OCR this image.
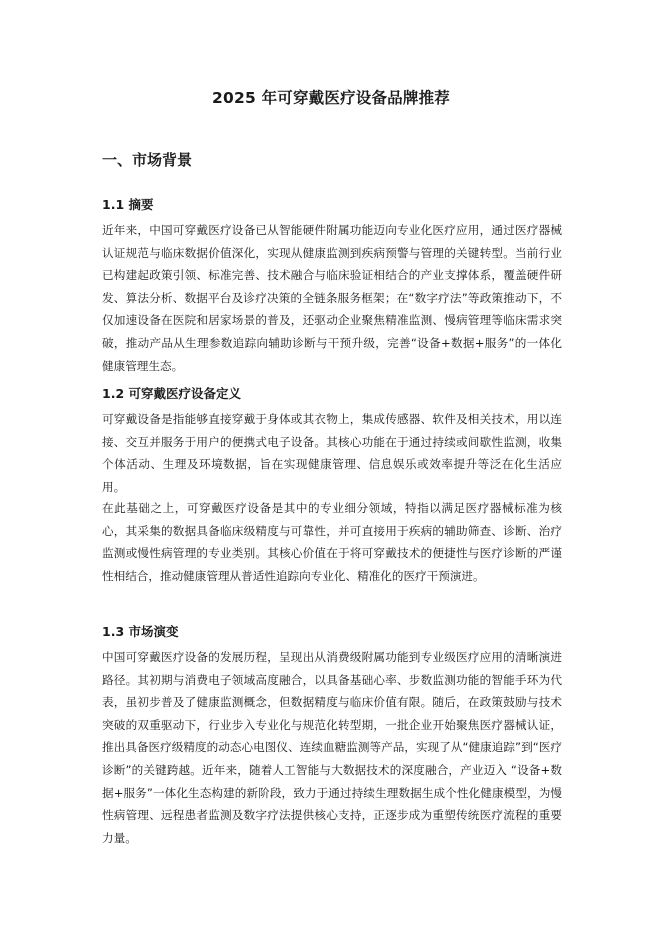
2025 年可穿戴医疗设备品牌推荐
一、市场背景
1.1 摘要

近年来，中国可穿戴医疗设备已从智能硬件附属功能迈向专业化医疗应用，通过医疗器械认证规范与临床数据价值深化，实现从健康监测到疾病预警与管理的关键转型。当前行业已构建起政策引领、标准完善、技术融合与临床验证相结合的产业支撑体系，覆盖硬件研发、算法分析、数据平台及诊疗决策的全链条服务框架；在“数字疗法”等政策推动下，不仅加速设备在医院和居家场景的普及，还驱动企业聚焦精准监测、慢病管理等临床需求突破，推动产品从生理参数追踪向辅助诊断与干预升级，完善“设备+数据+服务”的一体化健康管理生态。

1.2 可穿戴医疗设备定义

可穿戴设备是指能够直接穿戴于身体或其衣物上，集成传感器、软件及相关技术，用以连接、交互并服务于用户的便携式电子设备。其核心功能在于通过持续或间歇性监测，收集个体活动、生理及环境数据，旨在实现健康管理、信息娱乐或效率提升等泛在化生活应用。

在此基础之上，可穿戴医疗设备是其中的专业细分领域，特指以满足医疗器械标准为核心，其采集的数据具备临床级精度与可靠性，并可直接用于疾病的辅助筛查、诊断、治疗监测或慢性病管理的专业类别。其核心价值在于将可穿戴技术的便捷性与医疗诊断的严谨性相结合，推动健康管理从普适性追踪向专业化、精准化的医疗干预演进。

1.3 市场演变

中国可穿戴医疗设备的发展历程，呈现出从消费级附属功能到专业级医疗应用的清晰演进路径。其初期与消费电子领域高度融合，以具备基础心率、步数监测功能的智能手环为代表，虽初步普及了健康监测概念，但数据精度与临床价值有限。随后，在政策鼓励与技术突破的双重驱动下，行业步入专业化与规范化转型期，一批企业开始聚焦医疗器械认证，推出具备医疗级精度的动态心电图仪、连续血糖监测等产品，实现了从“健康追踪”到“医疗诊断”的关键跨越。近年来，随着人工智能与大数据技术的深度融合，产业迈入 “设备+数据+服务”一体化生态构建的新阶段，致力于通过持续生理数据生成个性化健康模型，为慢性病管理、远程患者监测及数字疗法提供核心支持，正逐步成为重塑传统医疗流程的重要力量。
